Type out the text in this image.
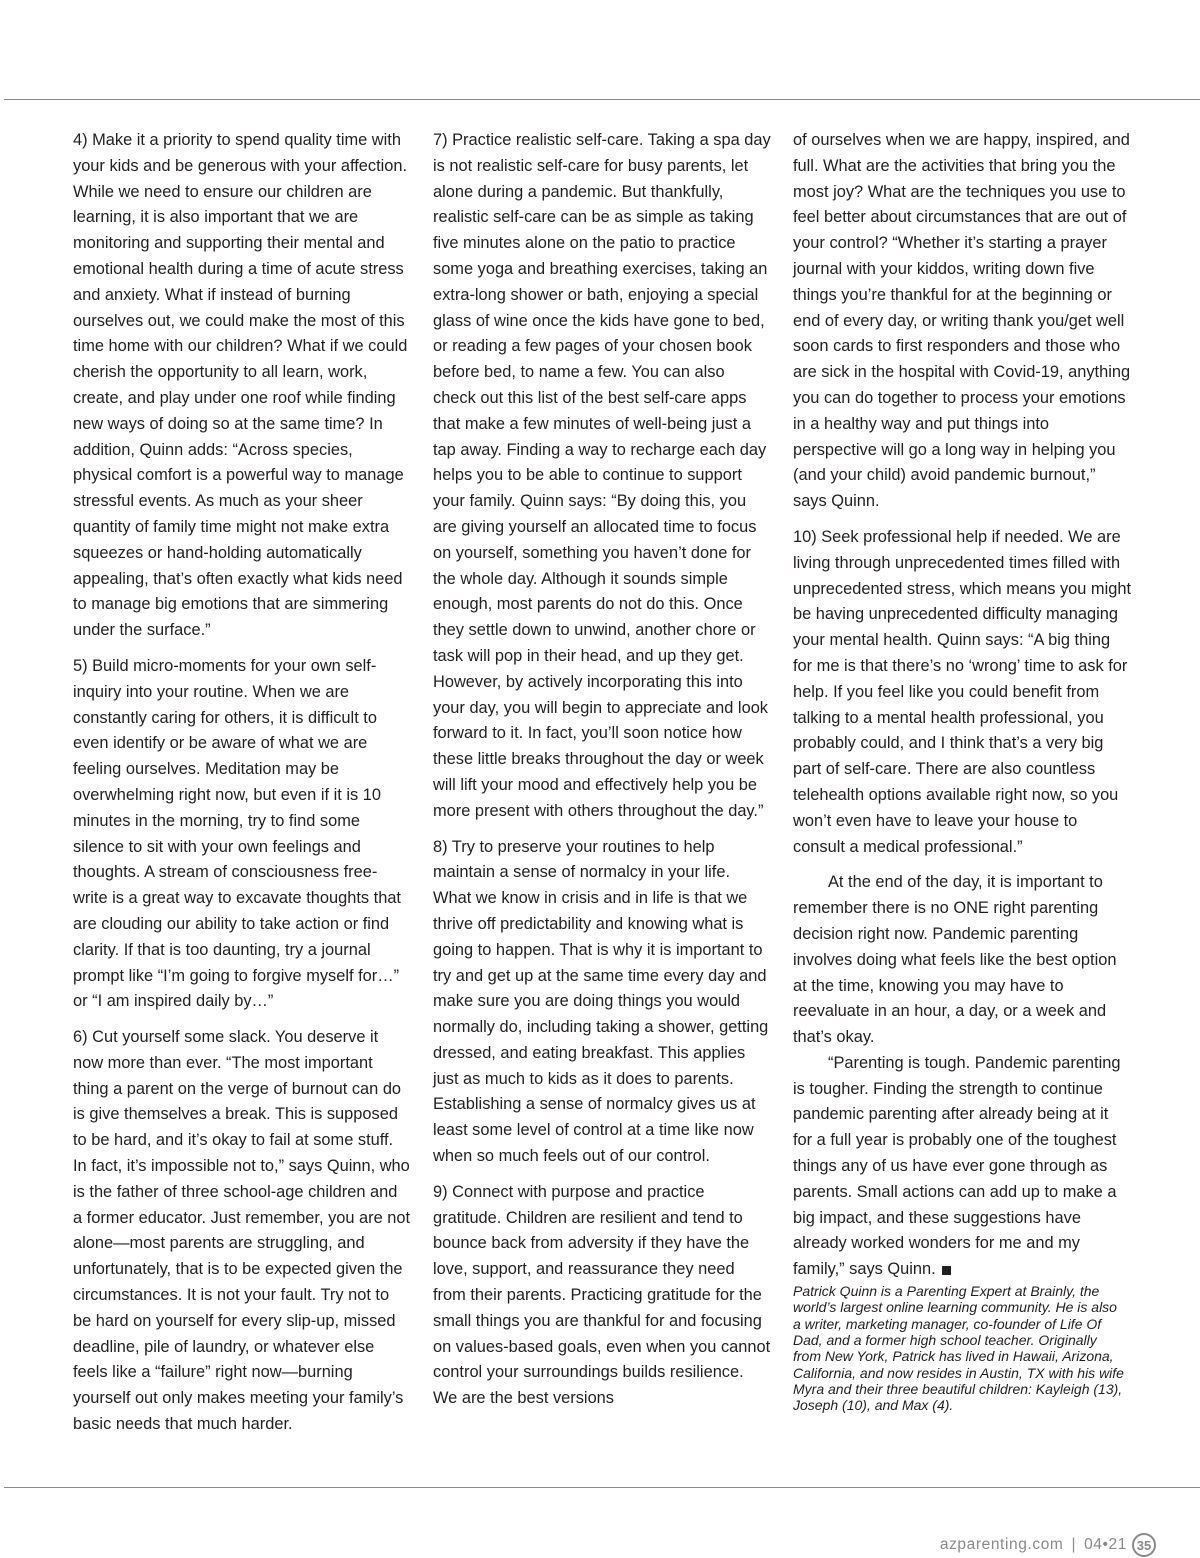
4) Make it a priority to spend quality time with your kids and be generous with your affection. While we need to ensure our children are learning, it is also important that we are monitoring and supporting their mental and emotional health during a time of acute stress and anxiety. What if instead of burning ourselves out, we could make the most of this time home with our children? What if we could cherish the opportunity to all learn, work, create, and play under one roof while finding new ways of doing so at the same time? In addition, Quinn adds: “Across species, physical comfort is a powerful way to manage stressful events. As much as your sheer quantity of family time might not make extra squeezes or hand-holding automatically appealing, that’s often exactly what kids need to manage big emotions that are simmering under the surface.”

5) Build micro-moments for your own self-inquiry into your routine. When we are constantly caring for others, it is difficult to even identify or be aware of what we are feeling ourselves. Meditation may be overwhelming right now, but even if it is 10 minutes in the morning, try to find some silence to sit with your own feelings and thoughts. A stream of consciousness free-write is a great way to excavate thoughts that are clouding our ability to take action or find clarity. If that is too daunting, try a journal prompt like “I’m going to forgive myself for…” or “I am inspired daily by…”

6) Cut yourself some slack. You deserve it now more than ever. “The most important thing a parent on the verge of burnout can do is give themselves a break. This is supposed to be hard, and it’s okay to fail at some stuff. In fact, it’s impossible not to,” says Quinn, who is the father of three school-age children and a former educator. Just remember, you are not alone—most parents are struggling, and unfortunately, that is to be expected given the circumstances. It is not your fault. Try not to be hard on yourself for every slip-up, missed deadline, pile of laundry, or whatever else feels like a “failure” right now—burning yourself out only makes meeting your family’s basic needs that much harder.

7) Practice realistic self-care. Taking a spa day is not realistic self-care for busy parents, let alone during a pandemic. But thankfully, realistic self-care can be as simple as taking five minutes alone on the patio to practice some yoga and breathing exercises, taking an extra-long shower or bath, enjoying a special glass of wine once the kids have gone to bed, or reading a few pages of your chosen book before bed, to name a few. You can also check out this list of the best self-care apps that make a few minutes of well-being just a tap away. Finding a way to recharge each day helps you to be able to continue to support your family. Quinn says: “By doing this, you are giving yourself an allocated time to focus on yourself, something you haven’t done for the whole day. Although it sounds simple enough, most parents do not do this. Once they settle down to unwind, another chore or task will pop in their head, and up they get. However, by actively incorporating this into your day, you will begin to appreciate and look forward to it. In fact, you’ll soon notice how these little breaks throughout the day or week will lift your mood and effectively help you be more present with others throughout the day.”

8) Try to preserve your routines to help maintain a sense of normalcy in your life. What we know in crisis and in life is that we thrive off predictability and knowing what is going to happen. That is why it is important to try and get up at the same time every day and make sure you are doing things you would normally do, including taking a shower, getting dressed, and eating breakfast. This applies just as much to kids as it does to parents. Establishing a sense of normalcy gives us at least some level of control at a time like now when so much feels out of our control.

9) Connect with purpose and practice gratitude. Children are resilient and tend to bounce back from adversity if they have the love, support, and reassurance they need from their parents. Practicing gratitude for the small things you are thankful for and focusing on values-based goals, even when you cannot control your surroundings builds resilience. We are the best versions

of ourselves when we are happy, inspired, and full. What are the activities that bring you the most joy? What are the techniques you use to feel better about circumstances that are out of your control? “Whether it’s starting a prayer journal with your kiddos, writing down five things you’re thankful for at the beginning or end of every day, or writing thank you/get well soon cards to first responders and those who are sick in the hospital with Covid-19, anything you can do together to process your emotions in a healthy way and put things into perspective will go a long way in helping you (and your child) avoid pandemic burnout,” says Quinn.

10) Seek professional help if needed. We are living through unprecedented times filled with unprecedented stress, which means you might be having unprecedented difficulty managing your mental health. Quinn says: “A big thing for me is that there’s no ‘wrong’ time to ask for help. If you feel like you could benefit from talking to a mental health professional, you probably could, and I think that’s a very big part of self-care. There are also countless telehealth options available right now, so you won’t even have to leave your house to consult a medical professional.”

At the end of the day, it is important to remember there is no ONE right parenting decision right now. Pandemic parenting involves doing what feels like the best option at the time, knowing you may have to reevaluate in an hour, a day, or a week and that’s okay.

“Parenting is tough. Pandemic parenting is tougher. Finding the strength to continue pandemic parenting after already being at it for a full year is probably one of the toughest things any of us have ever gone through as parents. Small actions can add up to make a big impact, and these suggestions have already worked wonders for me and my family,” says Quinn.

Patrick Quinn is a Parenting Expert at Brainly, the world’s largest online learning community. He is also a writer, marketing manager, co-founder of Life Of Dad, and a former high school teacher. Originally from New York, Patrick has lived in Hawaii, Arizona, California, and now resides in Austin, TX with his wife Myra and their three beautiful children: Kayleigh (13), Joseph (10), and Max (4).

azparenting.com | 04•21 35
